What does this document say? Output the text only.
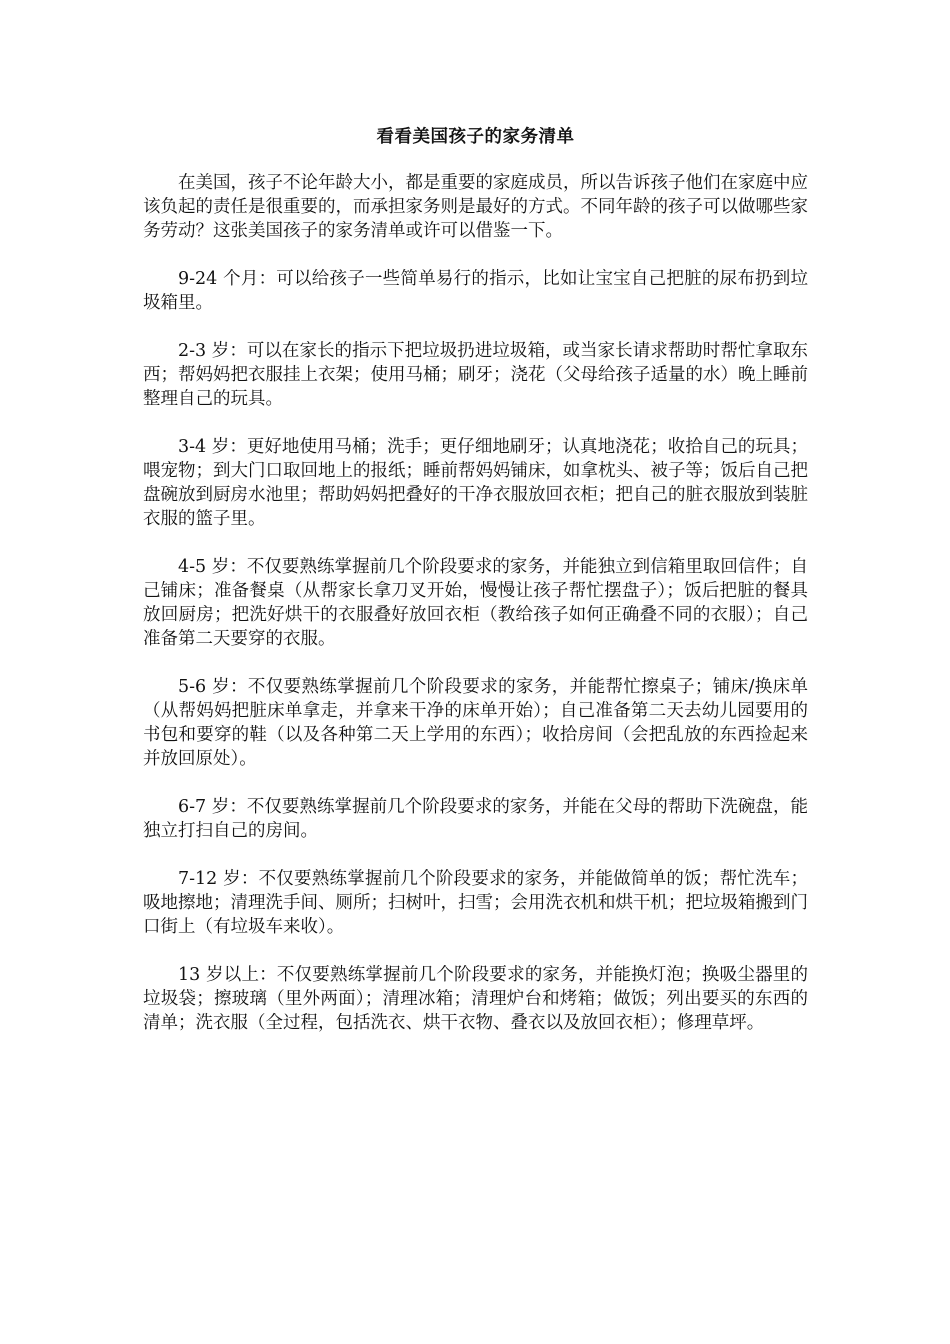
看看美国孩子的家务清单

在美国，孩子不论年龄大小，都是重要的家庭成员，所以告诉孩子他们在家庭中应该负起的责任是很重要的，而承担家务则是最好的方式。不同年龄的孩子可以做哪些家务劳动？这张美国孩子的家务清单或许可以借鉴一下。

9-24 个月：可以给孩子一些简单易行的指示，比如让宝宝自己把脏的尿布扔到垃圾箱里。

2-3 岁：可以在家长的指示下把垃圾扔进垃圾箱，或当家长请求帮助时帮忙拿取东西；帮妈妈把衣服挂上衣架；使用马桶；刷牙；浇花（父母给孩子适量的水）晚上睡前整理自己的玩具。

3-4 岁：更好地使用马桶；洗手；更仔细地刷牙；认真地浇花；收拾自己的玩具；喂宠物；到大门口取回地上的报纸；睡前帮妈妈铺床，如拿枕头、被子等；饭后自己把盘碗放到厨房水池里；帮助妈妈把叠好的干净衣服放回衣柜；把自己的脏衣服放到装脏衣服的篮子里。

4-5 岁：不仅要熟练掌握前几个阶段要求的家务，并能独立到信箱里取回信件；自己铺床；准备餐桌（从帮家长拿刀叉开始，慢慢让孩子帮忙摆盘子）；饭后把脏的餐具放回厨房；把洗好烘干的衣服叠好放回衣柜（教给孩子如何正确叠不同的衣服）；自己准备第二天要穿的衣服。

5-6 岁：不仅要熟练掌握前几个阶段要求的家务，并能帮忙擦桌子；铺床/换床单（从帮妈妈把脏床单拿走，并拿来干净的床单开始）；自己准备第二天去幼儿园要用的书包和要穿的鞋（以及各种第二天上学用的东西）；收拾房间（会把乱放的东西捡起来并放回原处）。

6-7 岁：不仅要熟练掌握前几个阶段要求的家务，并能在父母的帮助下洗碗盘，能独立打扫自己的房间。

7-12 岁：不仅要熟练掌握前几个阶段要求的家务，并能做简单的饭；帮忙洗车；吸地擦地；清理洗手间、厕所；扫树叶，扫雪；会用洗衣机和烘干机；把垃圾箱搬到门口街上（有垃圾车来收）。

13 岁以上：不仅要熟练掌握前几个阶段要求的家务，并能换灯泡；换吸尘器里的垃圾袋；擦玻璃（里外两面）；清理冰箱；清理炉台和烤箱；做饭；列出要买的东西的清单；洗衣服（全过程，包括洗衣、烘干衣物、叠衣以及放回衣柜）；修理草坪。
